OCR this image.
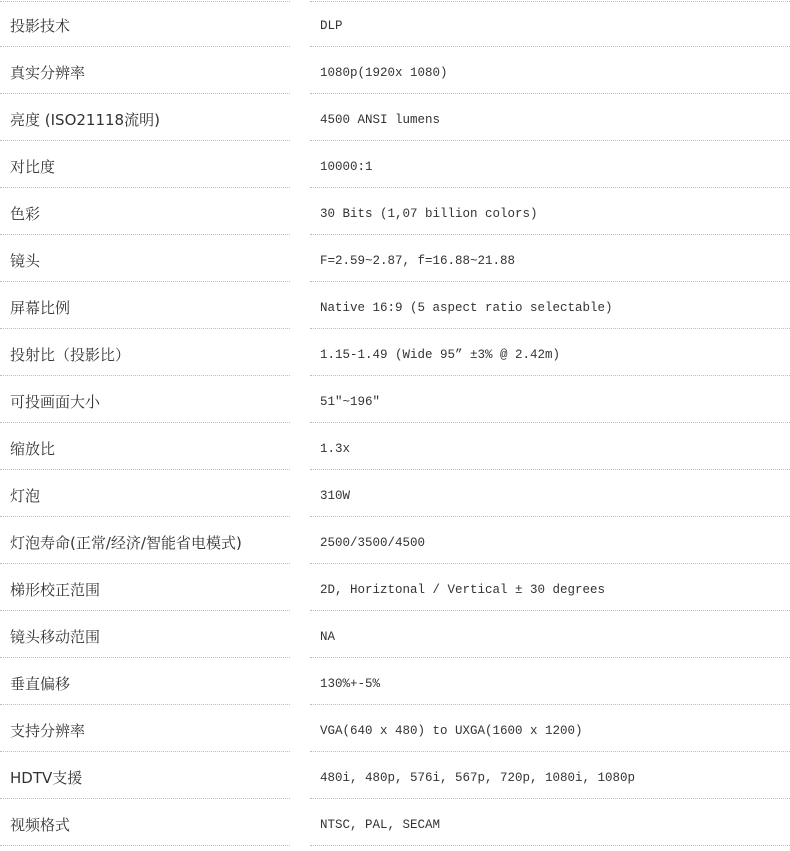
投影技术	DLP
真实分辨率	1080p(1920x 1080)
亮度 (ISO21118流明)	4500 ANSI lumens
对比度	10000:1
色彩	30 Bits (1,07 billion colors)
镜头	F=2.59~2.87, f=16.88~21.88
屏幕比例	Native 16:9 (5 aspect ratio selectable)
投射比（投影比）	1.15-1.49 (Wide 95” ±3% @ 2.42m)
可投画面大小	51″~196″
缩放比	1.3x
灯泡	310W
灯泡寿命(正常/经济/智能省电模式)	2500/3500/4500
梯形校正范围	2D, Horiztonal / Vertical ± 30 degrees
镜头移动范围	NA
垂直偏移	130%+-5%
支持分辨率	VGA(640 x 480) to UXGA(1600 x 1200)
HDTV支援	480i, 480p, 576i, 567p, 720p, 1080i, 1080p
视频格式	NTSC, PAL, SECAM
